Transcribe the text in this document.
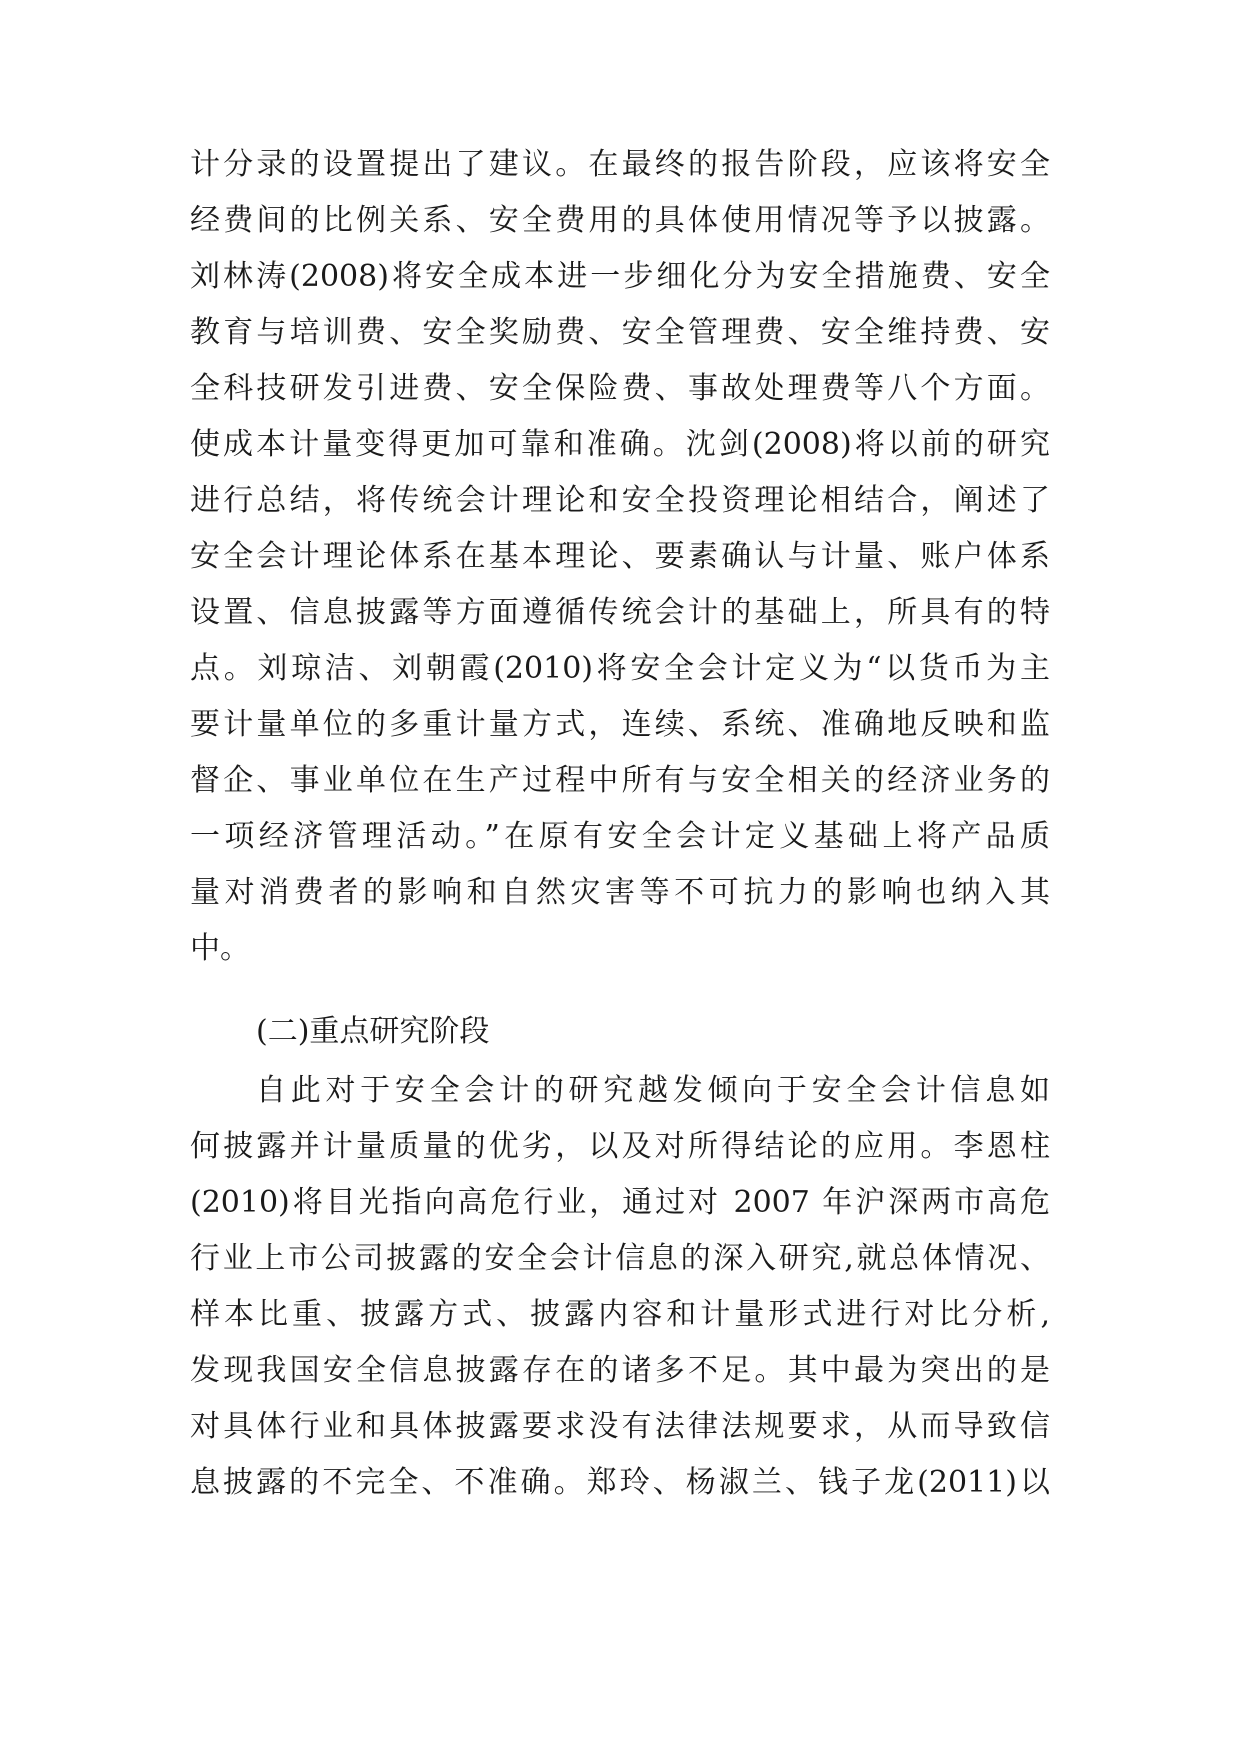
计分录的设置提出了建议。在最终的报告阶段，应该将安全
经费间的比例关系、安全费用的具体使用情况等予以披露。
刘林涛(2008)将安全成本进一步细化分为安全措施费、安全
教育与培训费、安全奖励费、安全管理费、安全维持费、安
全科技研发引进费、安全保险费、事故处理费等八个方面。
使成本计量变得更加可靠和准确。沈剑(2008)将以前的研究
进行总结，将传统会计理论和安全投资理论相结合，阐述了
安全会计理论体系在基本理论、要素确认与计量、账户体系
设置、信息披露等方面遵循传统会计的基础上，所具有的特
点。刘琼洁、刘朝霞(2010)将安全会计定义为“以货币为主
要计量单位的多重计量方式，连续、系统、准确地反映和监
督企、事业单位在生产过程中所有与安全相关的经济业务的
一项经济管理活动。”在原有安全会计定义基础上将产品质
量对消费者的影响和自然灾害等不可抗力的影响也纳入其
中。
(二)重点研究阶段
自此对于安全会计的研究越发倾向于安全会计信息如
何披露并计量质量的优劣，以及对所得结论的应用。李恩柱
(2010)将目光指向高危行业，通过对 2007 年沪深两市高危
行业上市公司披露的安全会计信息的深入研究,就总体情况、
样本比重、披露方式、披露内容和计量形式进行对比分析,
发现我国安全信息披露存在的诸多不足。其中最为突出的是
对具体行业和具体披露要求没有法律法规要求，从而导致信
息披露的不完全、不准确。郑玲、杨淑兰、钱子龙(2011)以
